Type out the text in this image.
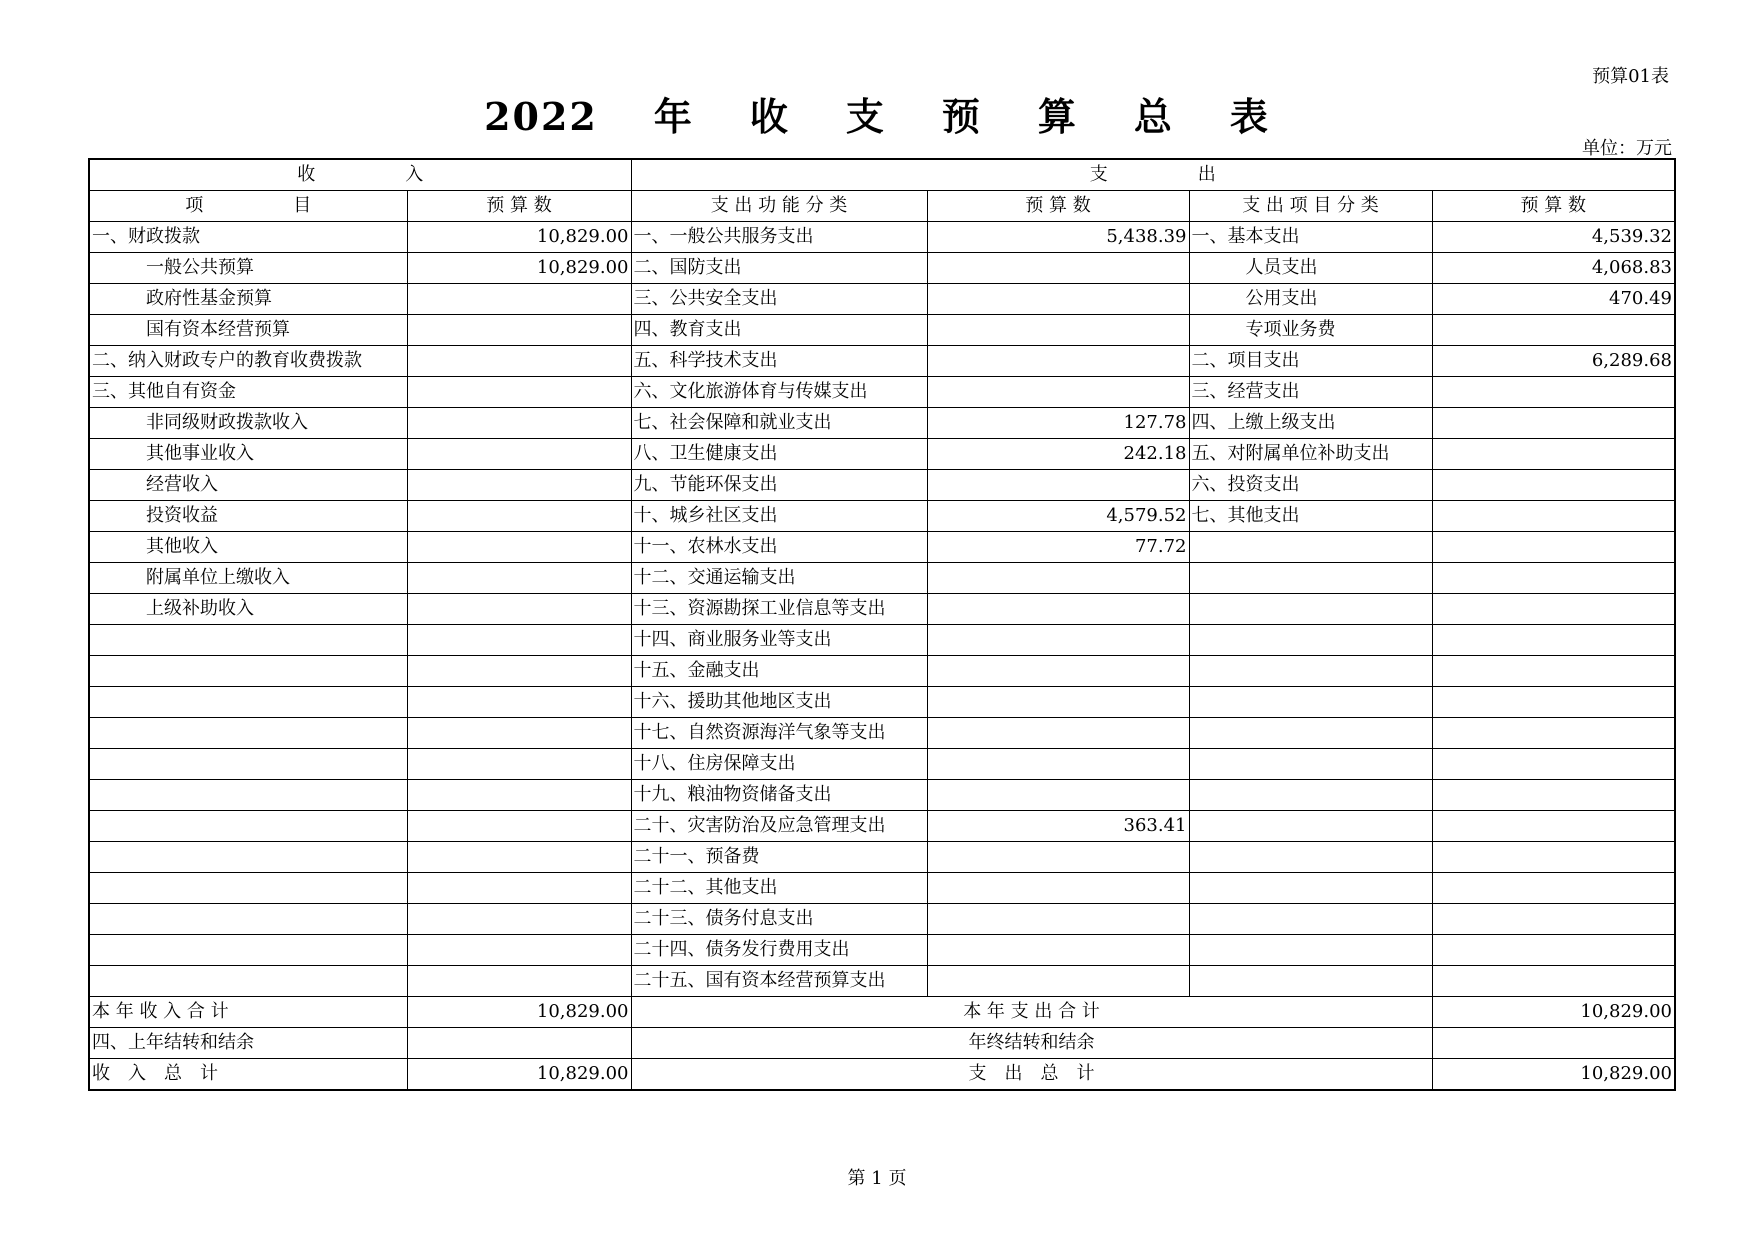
预算01表
2022 年 收 支 预 算 总 表
单位：万元
收　　　　　入		支　　　　　出			
项　　　　　目	预 算 数	支 出 功 能 分 类	预 算 数	支 出 项 目 分 类	预 算 数
一、财政拨款	10,829.00	一、一般公共服务支出	5,438.39	一、基本支出	4,539.32
一般公共预算	10,829.00	二、国防支出		人员支出	4,068.83
政府性基金预算		三、公共安全支出		公用支出	470.49
国有资本经营预算		四、教育支出		专项业务费	
二、纳入财政专户的教育收费拨款		五、科学技术支出		二、项目支出	6,289.68
三、其他自有资金		六、文化旅游体育与传媒支出		三、经营支出	
非同级财政拨款收入		七、社会保障和就业支出	127.78	四、上缴上级支出	
其他事业收入		八、卫生健康支出	242.18	五、对附属单位补助支出	
经营收入		九、节能环保支出		六、投资支出	
投资收益		十、城乡社区支出	4,579.52	七、其他支出	
其他收入		十一、农林水支出	77.72		
附属单位上缴收入		十二、交通运输支出			
上级补助收入		十三、资源勘探工业信息等支出			
		十四、商业服务业等支出			
		十五、金融支出			
		十六、援助其他地区支出			
		十七、自然资源海洋气象等支出			
		十八、住房保障支出			
		十九、粮油物资储备支出			
		二十、灾害防治及应急管理支出	363.41		
		二十一、预备费			
		二十二、其他支出			
		二十三、债务付息支出			
		二十四、债务发行费用支出			
		二十五、国有资本经营预算支出			
本 年 收 入 合 计	10,829.00	本 年 支 出 合 计			10,829.00
四、上年结转和结余		年终结转和结余			
收　入　总　计	10,829.00	支　出　总　计			10,829.00
第 1 页
